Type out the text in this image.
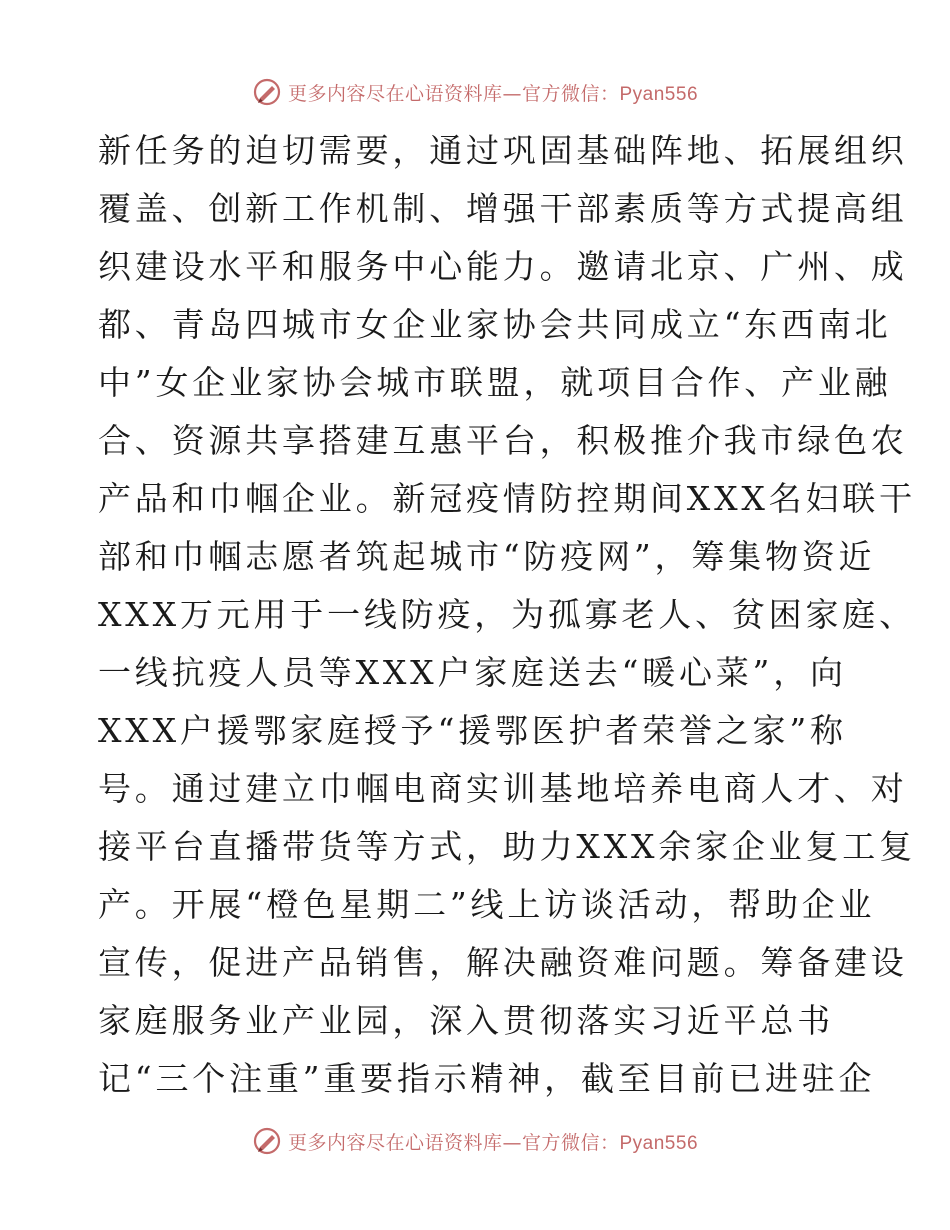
更多内容尽在心语资料库—官方微信：Pyan556
新任务的迫切需要，通过巩固基础阵地、拓展组织
覆盖、创新工作机制、增强干部素质等方式提高组
织建设水平和服务中心能力。邀请北京、广州、成
都、青岛四城市女企业家协会共同成立“东西南北
中”女企业家协会城市联盟，就项目合作、产业融
合、资源共享搭建互惠平台，积极推介我市绿色农
产品和巾帼企业。新冠疫情防控期间XXX名妇联干
部和巾帼志愿者筑起城市“防疫网”，筹集物资近
XXX万元用于一线防疫，为孤寡老人、贫困家庭、
一线抗疫人员等XXX户家庭送去“暖心菜”，向
XXX户援鄂家庭授予“援鄂医护者荣誉之家”称
号。通过建立巾帼电商实训基地培养电商人才、对
接平台直播带货等方式，助力XXX余家企业复工复
产。开展“橙色星期二”线上访谈活动，帮助企业
宣传，促进产品销售，解决融资难问题。筹备建设
家庭服务业产业园，深入贯彻落实习近平总书
记“三个注重”重要指示精神，截至目前已进驻企
更多内容尽在心语资料库—官方微信：Pyan556
